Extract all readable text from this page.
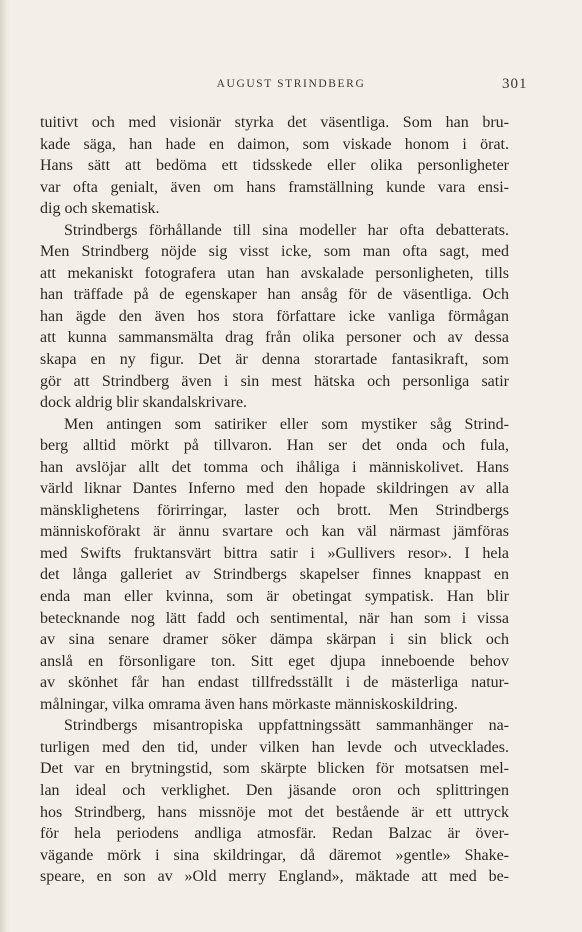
AUGUST STRINDBERG	301
tuitivt och med visionär styrka det väsentliga. Som han bru-
kade säga, han hade en daimon, som viskade honom i örat.
Hans sätt att bedöma ett tidsskede eller olika personligheter
var ofta genialt, även om hans framställning kunde vara ensi-
dig och skematisk.
Strindbergs förhållande till sina modeller har ofta debatterats.
Men Strindberg nöjde sig visst icke, som man ofta sagt, med
att mekaniskt fotografera utan han avskalade personligheten, tills
han träffade på de egenskaper han ansåg för de väsentliga. Och
han ägde den även hos stora författare icke vanliga förmågan
att kunna sammansmälta drag från olika personer och av dessa
skapa en ny figur. Det är denna storartade fantasikraft, som
gör att Strindberg även i sin mest hätska och personliga satir
dock aldrig blir skandalskrivare.
Men antingen som satiriker eller som mystiker såg Strind-
berg alltid mörkt på tillvaron. Han ser det onda och fula,
han avslöjar allt det tomma och ihåliga i människolivet. Hans
värld liknar Dantes Inferno med den hopade skildringen av alla
mänsklighetens förirringar, laster och brott. Men Strindbergs
människoförakt är ännu svartare och kan väl närmast jämföras
med Swifts fruktansvärt bittra satir i »Gullivers resor». I hela
det långa galleriet av Strindbergs skapelser finnes knappast en
enda man eller kvinna, som är obetingat sympatisk. Han blir
betecknande nog lätt fadd och sentimental, när han som i vissa
av sina senare dramer söker dämpa skärpan i sin blick och
anslå en försonligare ton. Sitt eget djupa inneboende behov
av skönhet får han endast tillfredsställt i de mästerliga natur-
målningar, vilka omrama även hans mörkaste människoskildring.
Strindbergs misantropiska uppfattningssätt sammanhänger na-
turligen med den tid, under vilken han levde och utvecklades.
Det var en brytningstid, som skärpte blicken för motsatsen mel-
lan ideal och verklighet. Den jäsande oron och splittringen
hos Strindberg, hans missnöje mot det bestående är ett uttryck
för hela periodens andliga atmosfär. Redan Balzac är över-
vägande mörk i sina skildringar, då däremot »gentle» Shake-
speare, en son av »Old merry England», mäktade att med be-
